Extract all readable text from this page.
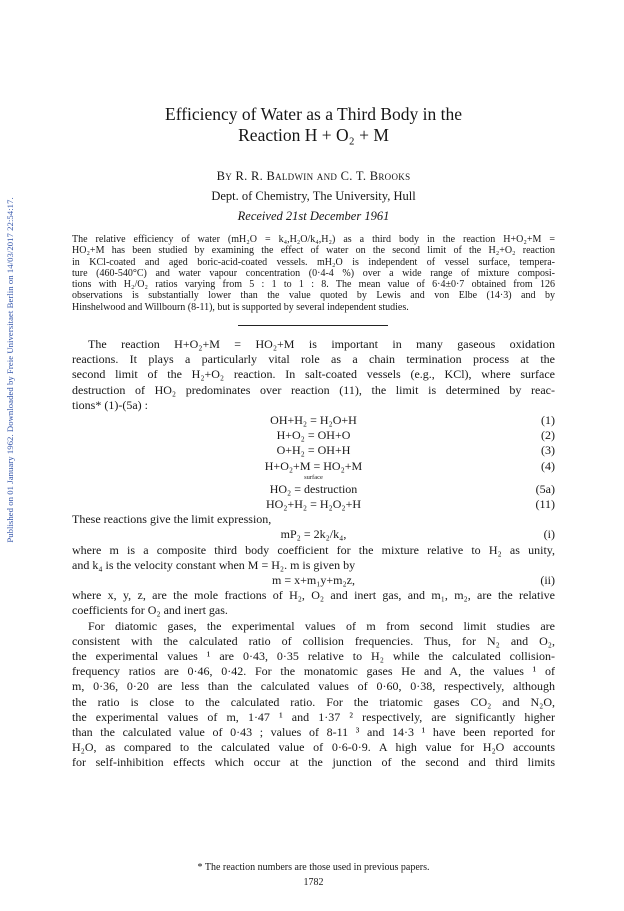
Published on 01 January 1962. Downloaded by Freie Universitaet Berlin on 14/03/2017 22:54:17.
Efficiency of Water as a Third Body in the
Reaction H + O₂ + M
By R. R. Baldwin and C. T. Brooks
Dept. of Chemistry, The University, Hull
Received 21st December 1961
The relative efficiency of water (mH₂O = k₄,H₂O/k₄,H₂) as a third body in the reaction H+O₂+M =
HO₂+M has been studied by examining the effect of water on the second limit of the H₂+O₂ reaction
in KCl-coated and aged boric-acid-coated vessels. mH₂O is independent of vessel surface, tempera-
ture (460-540°C) and water vapour concentration (0·4-4 %) over a wide range of mixture composi-
tions with H₂/O₂ ratios varying from 5 : 1 to 1 : 8. The mean value of 6·4±0·7 obtained from 126
observations is substantially lower than the value quoted by Lewis and von Elbe (14·3) and by
Hinshelwood and Willbourn (8-11), but is supported by several independent studies.
The reaction H+O₂+M = HO₂+M is important in many gaseous oxidation
reactions. It plays a particularly vital role as a chain termination process at the
second limit of the H₂+O₂ reaction. In salt-coated vessels (e.g., KCl), where surface
destruction of HO₂ predominates over reaction (11), the limit is determined by reac-
tions* (1)-(5a) :
OH+H₂ = H₂O+H	(1)
H+O₂ = OH+O	(2)
O+H₂ = OH+H	(3)
H+O₂+M = HO₂+M	(4)
surface
HO₂ = destruction	(5a)
HO₂+H₂ = H₂O₂+H	(11)
These reactions give the limit expression,
mP₂ = 2k₂/k₄,	(i)
where m is a composite third body coefficient for the mixture relative to H₂ as unity,
and k₄ is the velocity constant when M = H₂. m is given by
m = x+m₁y+m₂z,	(ii)
where x, y, z, are the mole fractions of H₂, O₂ and inert gas, and m₁, m₂, are the relative
coefficients for O₂ and inert gas.
For diatomic gases, the experimental values of m from second limit studies are
consistent with the calculated ratio of collision frequencies. Thus, for N₂ and O₂,
the experimental values ¹ are 0·43, 0·35 relative to H₂ while the calculated collision-
frequency ratios are 0·46, 0·42. For the monatomic gases He and A, the values ¹ of
m, 0·36, 0·20 are less than the calculated values of 0·60, 0·38, respectively, although
the ratio is close to the calculated ratio. For the triatomic gases CO₂ and N₂O,
the experimental values of m, 1·47 ¹ and 1·37 ² respectively, are significantly higher
than the calculated value of 0·43 ; values of 8-11 ³ and 14·3 ¹ have been reported for
H₂O, as compared to the calculated value of 0·6-0·9. A high value for H₂O accounts
for self-inhibition effects which occur at the junction of the second and third limits
* The reaction numbers are those used in previous papers.
1782
